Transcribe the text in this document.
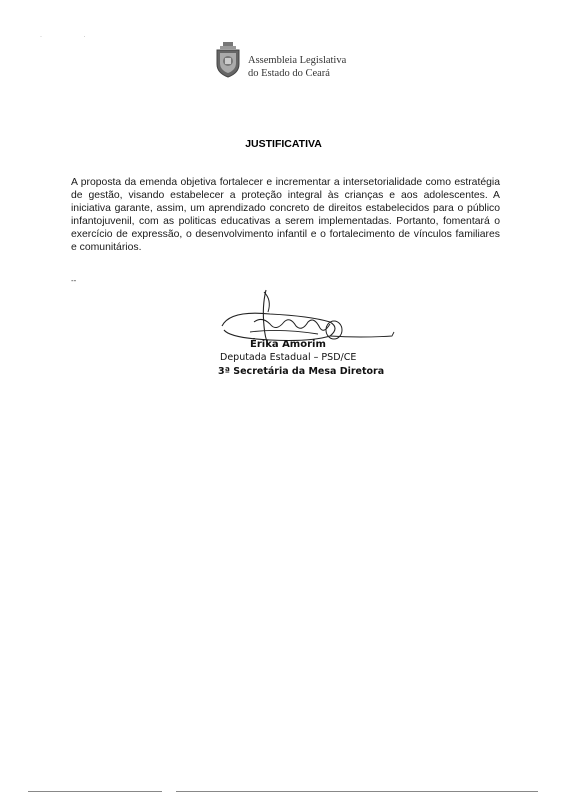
· ·
Assembleia Legislativa
do Estado do Ceará
JUSTIFICATIVA
A proposta da emenda objetiva fortalecer e incrementar a intersetorialidade como estratégia de gestão, visando estabelecer a proteção integral às crianças e aos adolescentes. A iniciativa garante, assim, um aprendizado concreto de direitos estabelecidos para o público infantojuvenil, com as politicas educativas a serem implementadas. Portanto, fomentará o exercício de expressão, o desenvolvimento infantil e o fortalecimento de vínculos familiares e comunitários.
--
Érika Amorim
Deputada Estadual – PSD/CE
3ª Secretária da Mesa Diretora
